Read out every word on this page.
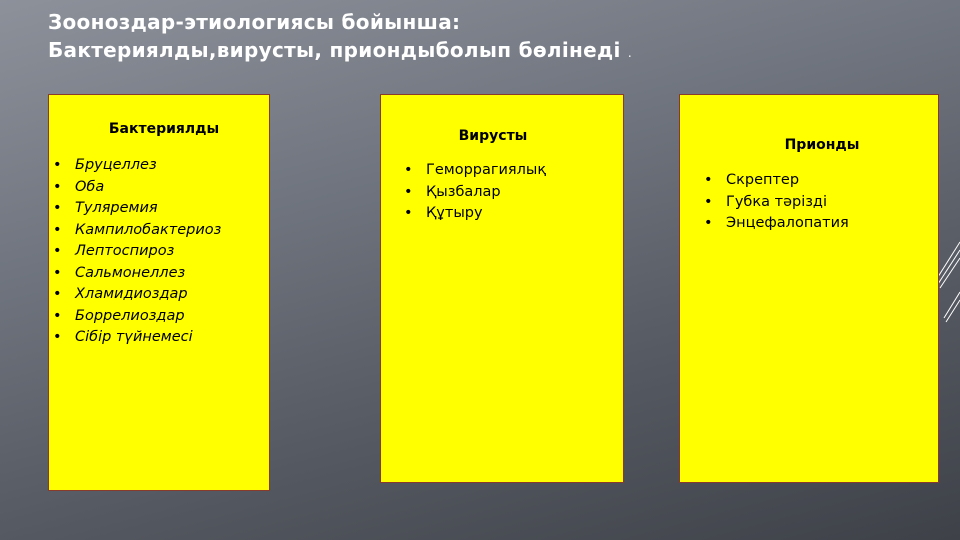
Зооноздар-этиологиясы бойынша:
Бактериялды,вирусты, приондыболып бөлінеді .
Бактериялды
• Бруцеллез
• Оба
• Туляремия
• Кампилобактериоз
• Лептоспироз
• Сальмонеллез
• Хламидиоздар
• Боррелиоздар
• Сібір түйнемесі
Вирусты
• Геморрагиялық
• Қызбалар
• Құтыру
Прионды
• Скрептер
• Губка тәрізді
• Энцефалопатия
